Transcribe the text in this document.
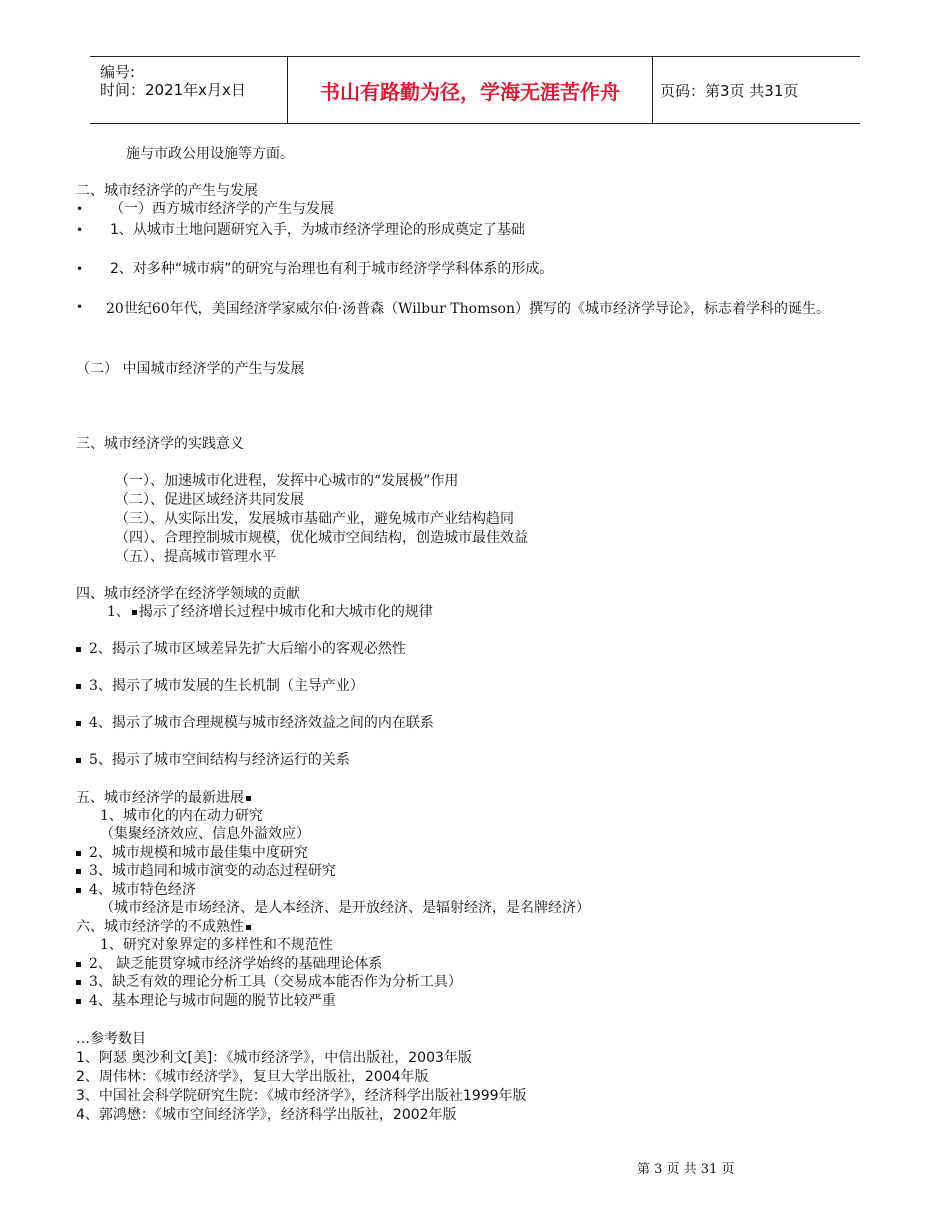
编号:
时间：2021年x月x日	书山有路勤为径，学海无涯苦作舟	页码：第3页 共31页
施与市政公用设施等方面。
二、城市经济学的产生与发展
• （一）西方城市经济学的产生与发展
• 1、从城市土地问题研究入手，为城市经济学理论的形成奠定了基础
• 2、对多种“城市病”的研究与治理也有利于城市经济学学科体系的形成。
•	20世纪60年代，美国经济学家威尔伯·汤普森（Wilbur Thomson）撰写的《城市经济学导论》，标志着学科的诞生。
（二） 中国城市经济学的产生与发展
三、城市经济学的实践意义
（一）、加速城市化进程，发挥中心城市的“发展极”作用
（二）、促进区域经济共同发展
（三）、从实际出发，发展城市基础产业，避免城市产业结构趋同
（四）、合理控制城市规模，优化城市空间结构，创造城市最佳效益
（五）、提高城市管理水平
四、城市经济学在经济学领域的贡献
1、 揭示了经济增长过程中城市化和大城市化的规律
2、揭示了城市区域差异先扩大后缩小的客观必然性
3、揭示了城市发展的生长机制（主导产业）
4、揭示了城市合理规模与城市经济效益之间的内在联系
5、揭示了城市空间结构与经济运行的关系
五、城市经济学的最新进展
1、城市化的内在动力研究
（集聚经济效应、信息外溢效应）
2、城市规模和城市最佳集中度研究
3、城市趋同和城市演变的动态过程研究
4、城市特色经济
（城市经济是市场经济、是人本经济、是开放经济、是辐射经济，是名牌经济）
六、城市经济学的不成熟性
1、研究对象界定的多样性和不规范性
2、 缺乏能贯穿城市经济学始终的基础理论体系
3、缺乏有效的理论分析工具（交易成本能否作为分析工具）
4、基本理论与城市问题的脱节比较严重
…参考数目
1、阿瑟 奥沙利文[美]：《城市经济学》，中信出版社，2003年版
2、周伟林：《城市经济学》，复旦大学出版社，2004年版
3、中国社会科学院研究生院：《城市经济学》，经济科学出版社1999年版
4、郭鸿懋：《城市空间经济学》，经济科学出版社，2002年版
第 3 页 共 31 页
